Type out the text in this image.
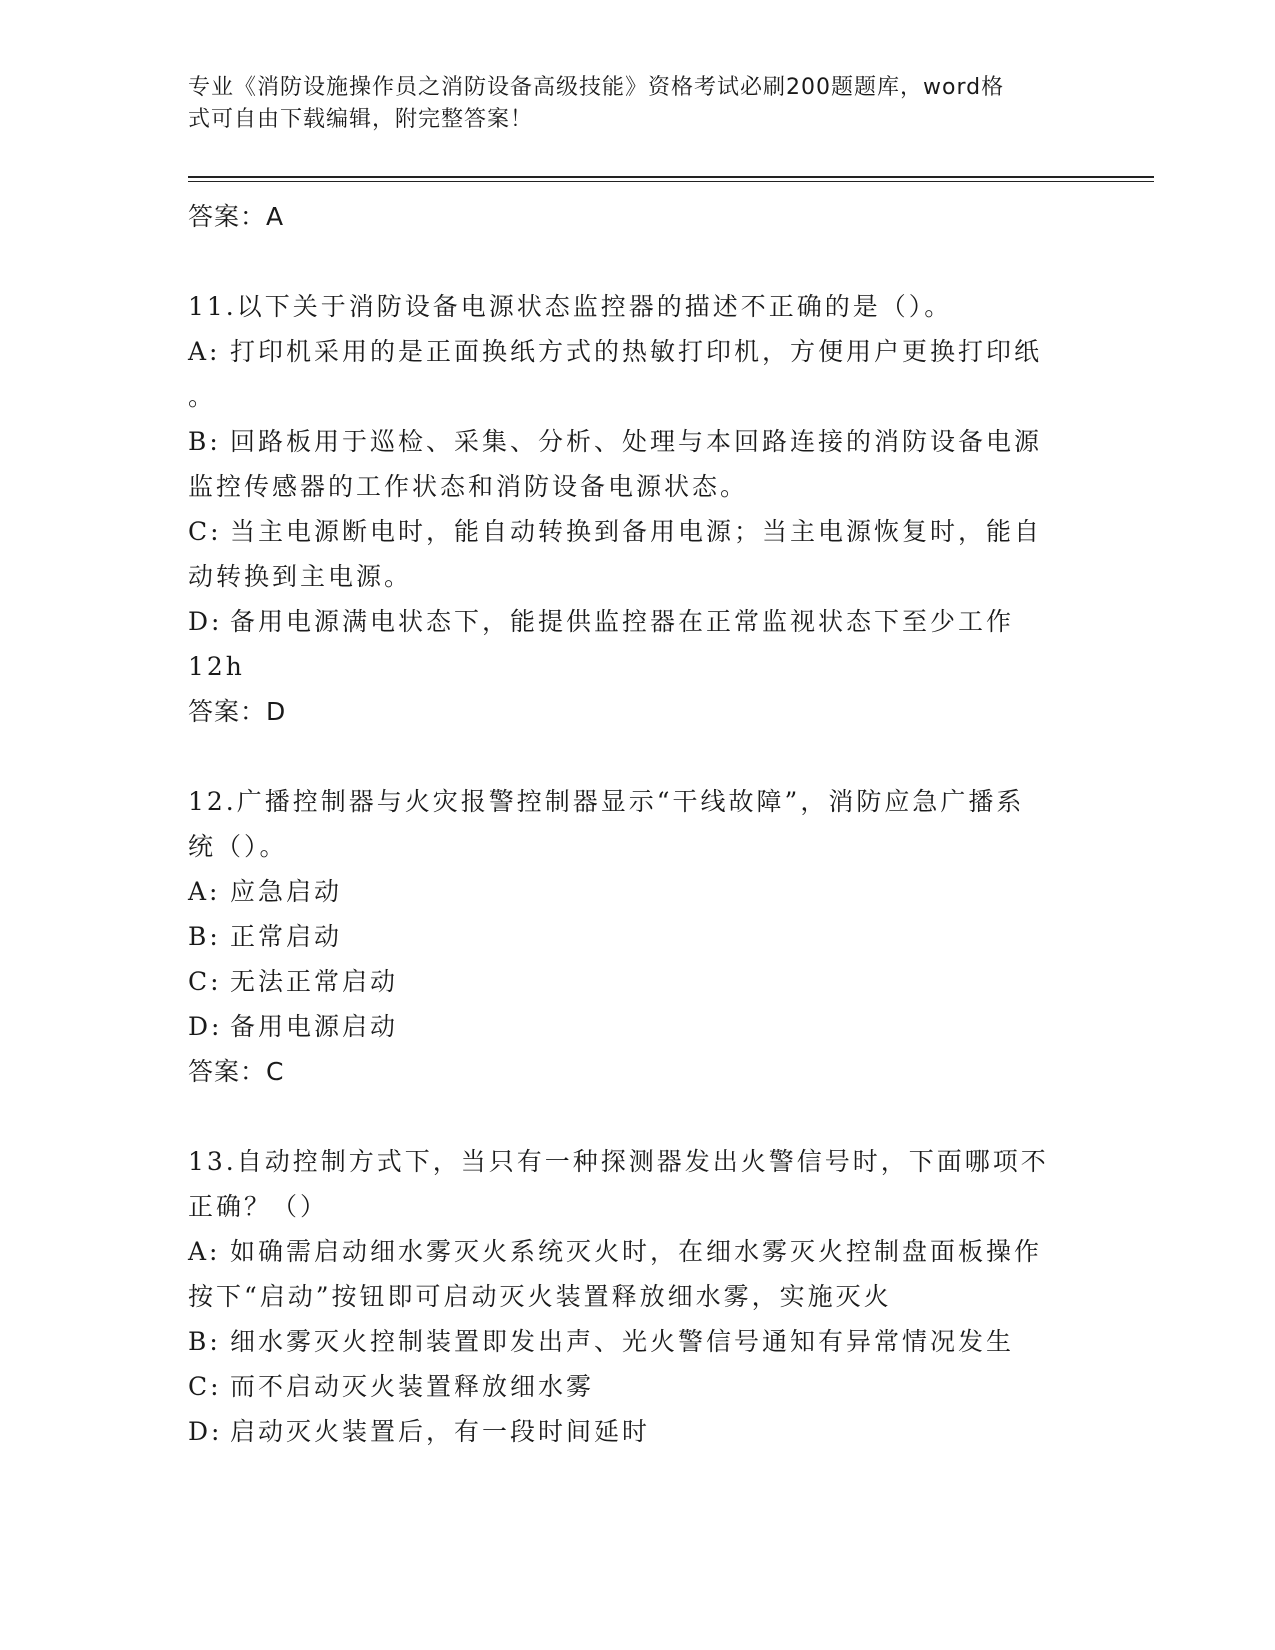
专业《消防设施操作员之消防设备高级技能》资格考试必刷200题题库，word格
式可自由下载编辑，附完整答案！
答案：A
11.以下关于消防设备电源状态监控器的描述不正确的是（）。
A: 打印机采用的是正面换纸方式的热敏打印机，方便用户更换打印纸
。
B: 回路板用于巡检、采集、分析、处理与本回路连接的消防设备电源
监控传感器的工作状态和消防设备电源状态。
C: 当主电源断电时，能自动转换到备用电源；当主电源恢复时，能自
动转换到主电源。
D: 备用电源满电状态下，能提供监控器在正常监视状态下至少工作
12h
答案：D
12.广播控制器与火灾报警控制器显示“干线故障”，消防应急广播系
统（）。
A: 应急启动
B: 正常启动
C: 无法正常启动
D: 备用电源启动
答案：C
13.自动控制方式下，当只有一种探测器发出火警信号时，下面哪项不
正确？（）
A: 如确需启动细水雾灭火系统灭火时，在细水雾灭火控制盘面板操作
按下“启动”按钮即可启动灭火装置释放细水雾，实施灭火
B: 细水雾灭火控制装置即发出声、光火警信号通知有异常情况发生
C: 而不启动灭火装置释放细水雾
D: 启动灭火装置后，有一段时间延时
